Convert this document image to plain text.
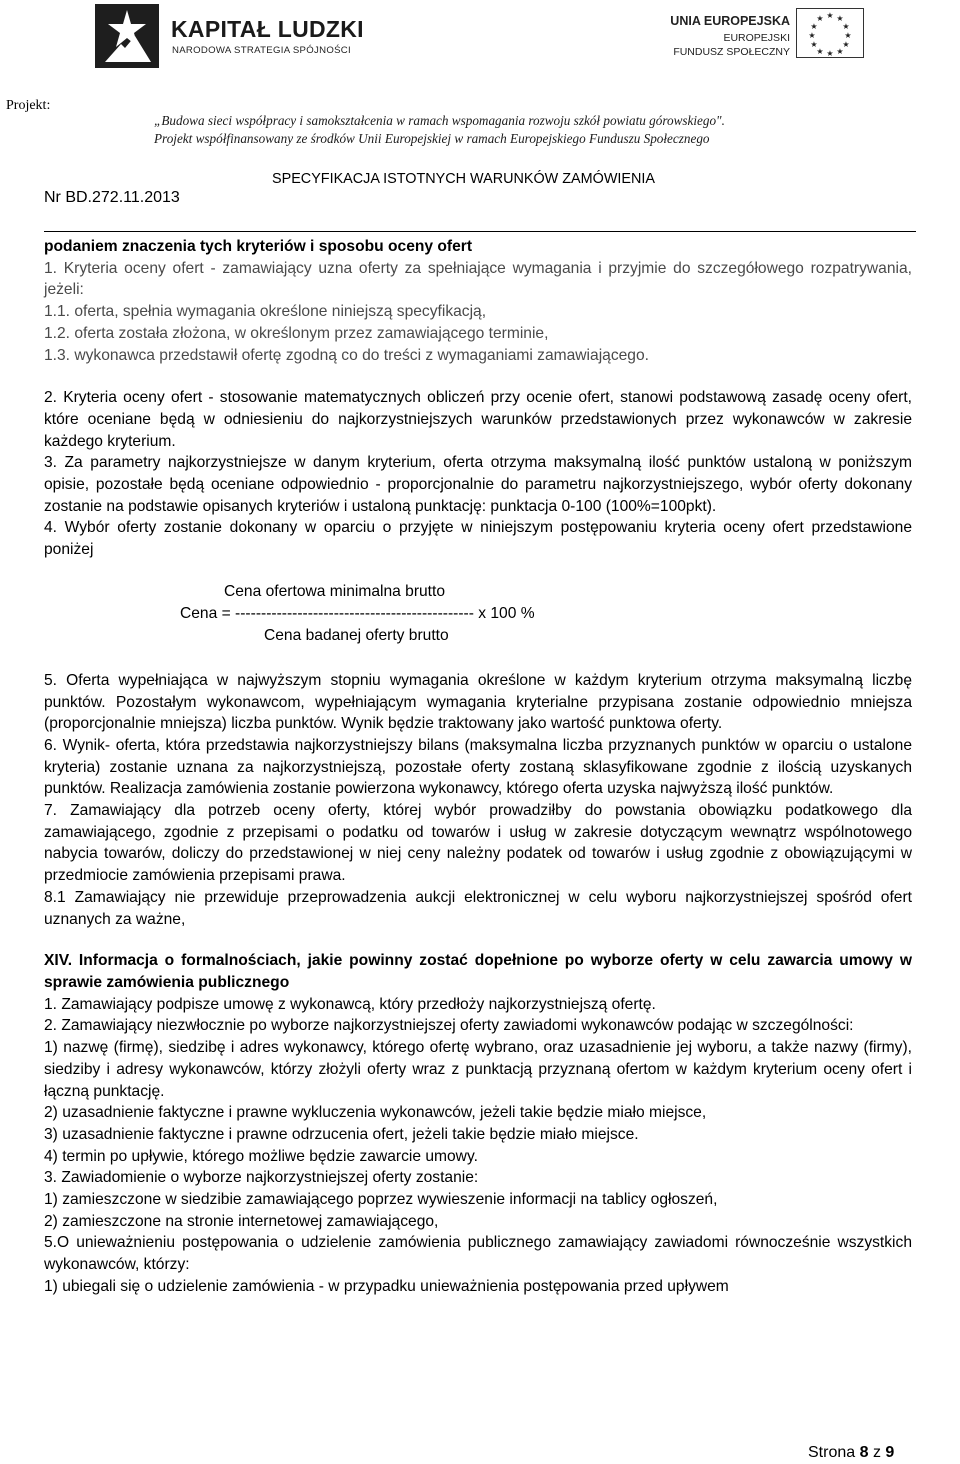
KAPITAŁ LUDZKI
NARODOWA STRATEGIA SPÓJNOŚCI
UNIA EUROPEJSKA
EUROPEJSKI
FUNDUSZ SPOŁECZNY
★ ★
★
★
★
★
★
★
★
★
★
★
Projekt:
„Budowa sieci współpracy i samokształcenia w ramach wspomagania rozwoju szkół powiatu górowskiego".
Projekt współfinansowany ze środków Unii Europejskiej w ramach Europejskiego Funduszu Społecznego
SPECYFIKACJA ISTOTNYCH WARUNKÓW ZAMÓWIENIA
Nr BD.272.11.2013

podaniem znaczenia tych kryteriów i sposobu oceny ofert

1. Kryteria oceny ofert - zamawiający uzna oferty za spełniające wymagania i przyjmie do szczegółowego rozpatrywania, jeżeli:

1.1. oferta, spełnia wymagania określone niniejszą specyfikacją,

1.2. oferta została złożona, w określonym przez zamawiającego terminie,

1.3. wykonawca przedstawił ofertę zgodną co do treści z wymaganiami zamawiającego.

2. Kryteria oceny ofert - stosowanie matematycznych obliczeń przy ocenie ofert, stanowi podstawową zasadę oceny ofert, które oceniane będą w odniesieniu do najkorzystniejszych warunków przedstawionych przez wykonawców w zakresie każdego kryterium.

3. Za parametry najkorzystniejsze w danym kryterium, oferta otrzyma maksymalną ilość punktów ustaloną w poniższym opisie, pozostałe będą oceniane odpowiednio - proporcjonalnie do parametru najkorzystniejszego, wybór oferty dokonany zostanie na podstawie opisanych kryteriów i ustaloną punktację: punktacja 0-100 (100%=100pkt).

4. Wybór oferty zostanie dokonany w oparciu o przyjęte w niniejszym postępowaniu kryteria oceny ofert przedstawione poniżej

Cena ofertowa minimalna brutto
Cena = ---------------------------------------------- x 100 %
Cena badanej oferty brutto

5. Oferta wypełniająca w najwyższym stopniu wymagania określone w każdym kryterium otrzyma maksymalną liczbę punktów. Pozostałym wykonawcom, wypełniającym wymagania kryterialne przypisana zostanie odpowiednio mniejsza (proporcjonalnie mniejsza) liczba punktów. Wynik będzie traktowany jako wartość punktowa oferty.

6. Wynik- oferta, która przedstawia najkorzystniejszy bilans (maksymalna liczba przyznanych punktów w oparciu o ustalone kryteria) zostanie uznana za najkorzystniejszą, pozostałe oferty zostaną sklasyfikowane zgodnie z ilością uzyskanych punktów. Realizacja zamówienia zostanie powierzona wykonawcy, którego oferta uzyska najwyższą ilość punktów.

7. Zamawiający dla potrzeb oceny oferty, której wybór prowadziłby do powstania obowiązku podatkowego dla zamawiającego, zgodnie z przepisami o podatku od towarów i usług w zakresie dotyczącym wewnątrz wspólnotowego nabycia towarów, doliczy do przedstawionej w niej ceny należny podatek od towarów i usług zgodnie z obowiązującymi w przedmiocie zamówienia przepisami prawa.

8.1 Zamawiający nie przewiduje przeprowadzenia aukcji elektronicznej w celu wyboru najkorzystniejszej spośród ofert uznanych za ważne,

XIV. Informacja o formalnościach, jakie powinny zostać dopełnione po wyborze oferty w celu zawarcia umowy w sprawie zamówienia publicznego

1. Zamawiający podpisze umowę z wykonawcą, który przedłoży najkorzystniejszą ofertę.

2. Zamawiający niezwłocznie po wyborze najkorzystniejszej oferty zawiadomi wykonawców podając w szczególności:

1) nazwę (firmę), siedzibę i adres wykonawcy, którego ofertę wybrano, oraz uzasadnienie jej wyboru, a także nazwy (firmy), siedziby i adresy wykonawców, którzy złożyli oferty wraz z punktacją przyznaną ofertom w każdym kryterium oceny ofert i łączną punktację.

2) uzasadnienie faktyczne i prawne wykluczenia wykonawców, jeżeli takie będzie miało miejsce,

3) uzasadnienie faktyczne i prawne odrzucenia ofert, jeżeli takie będzie miało miejsce.

4) termin po upływie, którego możliwe będzie zawarcie umowy.

3. Zawiadomienie o wyborze najkorzystniejszej oferty zostanie:

1) zamieszczone w siedzibie zamawiającego poprzez wywieszenie informacji na tablicy ogłoszeń,

2) zamieszczone na stronie internetowej zamawiającego,

5.O unieważnieniu postępowania o udzielenie zamówienia publicznego zamawiający zawiadomi równocześnie wszystkich wykonawców, którzy:

1) ubiegali się o udzielenie zamówienia - w przypadku unieważnienia postępowania przed upływem

Strona 8 z 9
